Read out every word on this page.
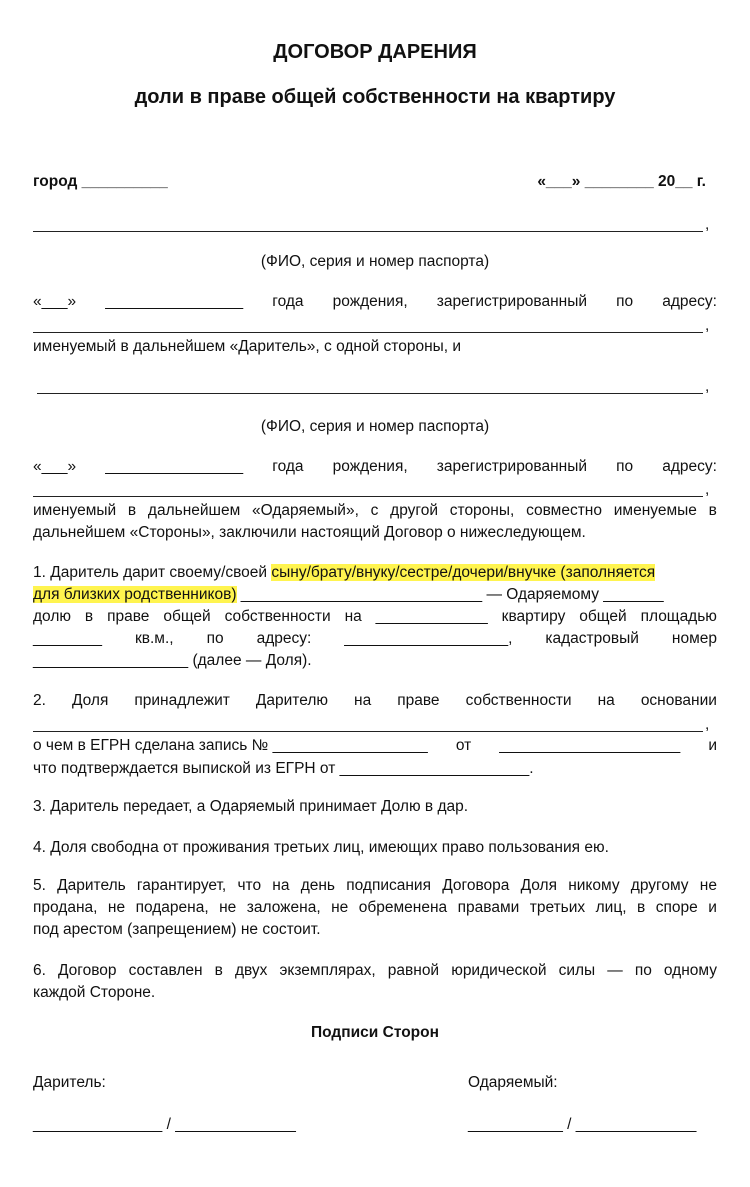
ДОГОВОР ДАРЕНИЯ
доли в праве общей собственности на квартиру
город __________	«___» ________ 20__ г.
,
(ФИО, серия и номер паспорта)
«___» ________________ года рождения, зарегистрированный по адресу:
,
именуемый в дальнейшем «Даритель», с одной стороны, и
,
(ФИО, серия и номер паспорта)
«___» ________________ года рождения, зарегистрированный по адресу:
,
именуемый в дальнейшем «Одаряемый», с другой стороны, совместно именуемые в
дальнейшем «Стороны», заключили настоящий Договор о нижеследующем.
1. Даритель дарит своему/своей сыну/брату/внуку/сестре/дочери/внучке (заполняется
для близких родственников) ____________________________ — Одаряемому _______
долю в праве общей собственности на _____________ квартиру общей площадью
________ кв.м., по адресу: ___________________, кадастровый номер
__________________ (далее — Доля).
2. Доля принадлежит Дарителю на праве собственности на основании
,
о чем в ЕГРН сделана запись № __________________ от _____________________ и
что подтверждается выпиской из ЕГРН от ______________________.
3. Даритель передает, а Одаряемый принимает Долю в дар.
4. Доля свободна от проживания третьих лиц, имеющих право пользования ею.
5. Даритель гарантирует, что на день подписания Договора Доля никому другому не
продана, не подарена, не заложена, не обременена правами третьих лиц, в споре и
под арестом (запрещением) не состоит.
6. Договор составлен в двух экземплярах, равной юридической силы — по одному
каждой Стороне.
Подписи Сторон
Даритель:	Одаряемый:
_______________ / ______________	___________ / ______________
